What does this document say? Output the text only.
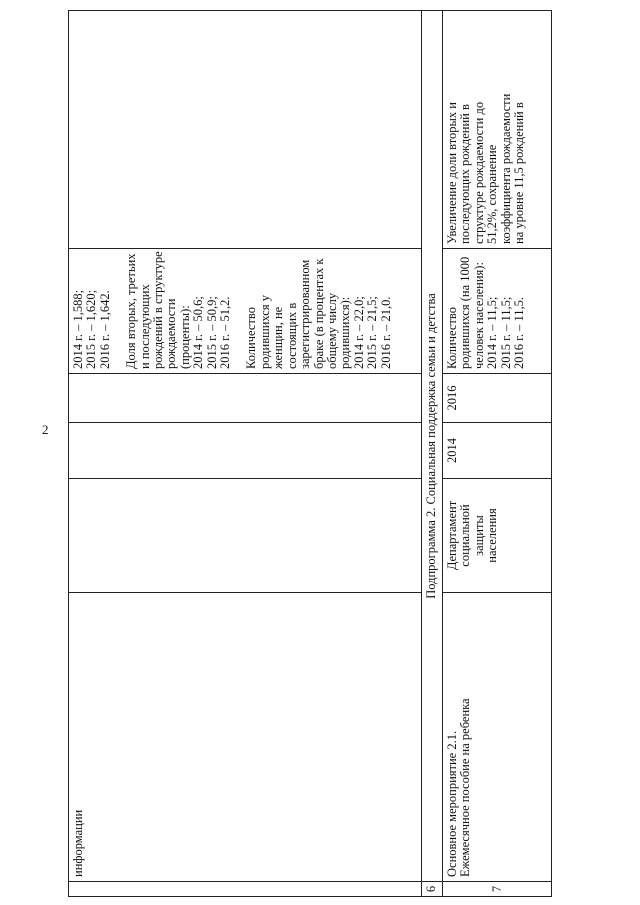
2
информации
2014 г. – 1,588; 2015 г. – 1,620; 2016 г. – 1,642. Доля вторых, третьих и последующих рождений в структуре рождаемости (проценты): 2014 г. – 50,6; 2015 г. – 50,9; 2016 г. – 51,2. Количество родившихся у женщин, не состоящих в зарегистрированном браке (в процентах к общему числу родившихся): 2014 г. – 22,0; 2015 г. – 21,5; 2016 г. – 21,0.
6
Подпрограмма 2. Социальная поддержка семьи и детства
7
Основное мероприятие 2.1. Ежемесячное пособие на ребенка
Департамент социальной защиты населения
2014
2016
Количество родившихся (на 1000 человек населения): 2014 г. – 11,5; 2015 г. – 11,5; 2016 г. – 11,5.
Увеличение доли вторых и последующих рождений в структуре рождаемости до 51,2%, сохранение коэффициента рождаемости на уровне 11,5 рождений в
